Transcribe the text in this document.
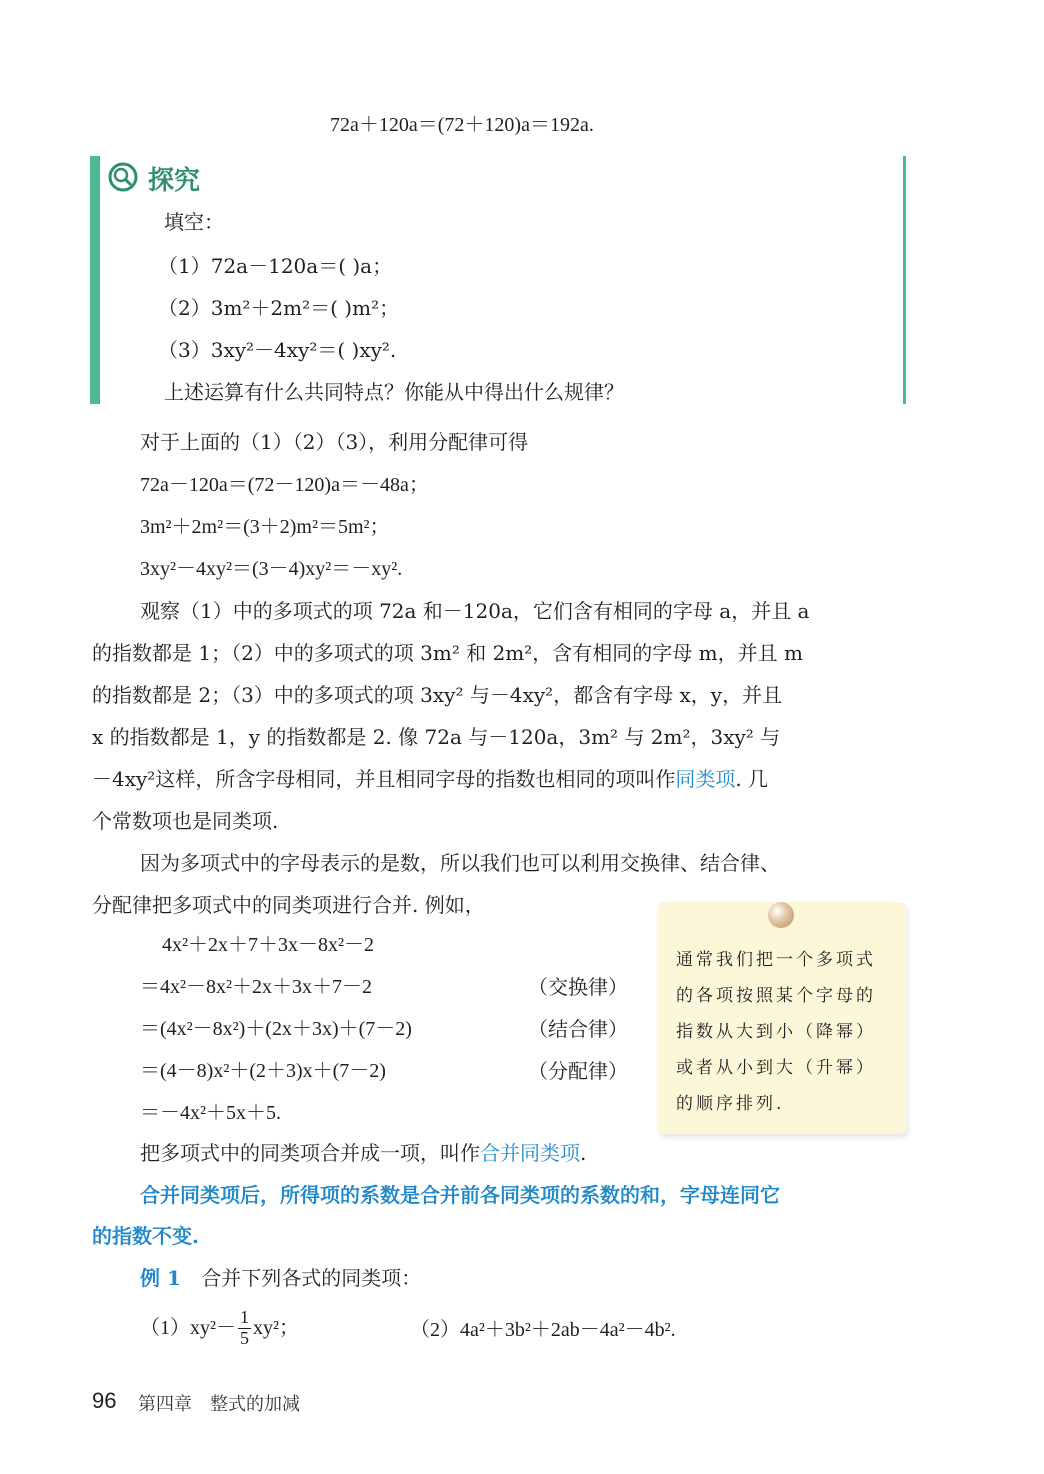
72a＋120a＝(72＋120)a＝192a.
探究
填空：
（1）72a－120a＝( )a；
（2）3m²＋2m²＝( )m²；
（3）3xy²－4xy²＝( )xy².
上述运算有什么共同特点？你能从中得出什么规律？
对于上面的（1）（2）（3），利用分配律可得
72a－120a＝(72－120)a＝－48a；
3m²＋2m²＝(3＋2)m²＝5m²；
3xy²－4xy²＝(3－4)xy²＝－xy².
观察（1）中的多项式的项 72a 和－120a，它们含有相同的字母 a，并且 a
的指数都是 1；（2）中的多项式的项 3m² 和 2m²，含有相同的字母 m，并且 m
的指数都是 2；（3）中的多项式的项 3xy² 与－4xy²，都含有字母 x，y，并且
x 的指数都是 1，y 的指数都是 2. 像 72a 与－120a，3m² 与 2m²，3xy² 与
－4xy²这样，所含字母相同，并且相同字母的指数也相同的项叫作同类项. 几
个常数项也是同类项.
因为多项式中的字母表示的是数，所以我们也可以利用交换律、结合律、
分配律把多项式中的同类项进行合并. 例如，
4x²＋2x＋7＋3x－8x²－2
＝4x²－8x²＋2x＋3x＋7－2	（交换律）
＝(4x²－8x²)＋(2x＋3x)＋(7－2)	（结合律）
＝(4－8)x²＋(2＋3)x＋(7－2)	（分配律）
＝－4x²＋5x＋5.
通常我们把一个多项式的各项按照某个字母的指数从大到小（降幂）或者从小到大（升幂）的顺序排列.
把多项式中的同类项合并成一项，叫作合并同类项.
合并同类项后，所得项的系数是合并前各同类项的系数的和，字母连同它
的指数不变.
例 1 合并下列各式的同类项：
$(1)xy^2- \frac{1}{5} xy^2$；	（2）4a²＋3b²＋2ab－4a²－4b².
96 第四章　整式的加减
